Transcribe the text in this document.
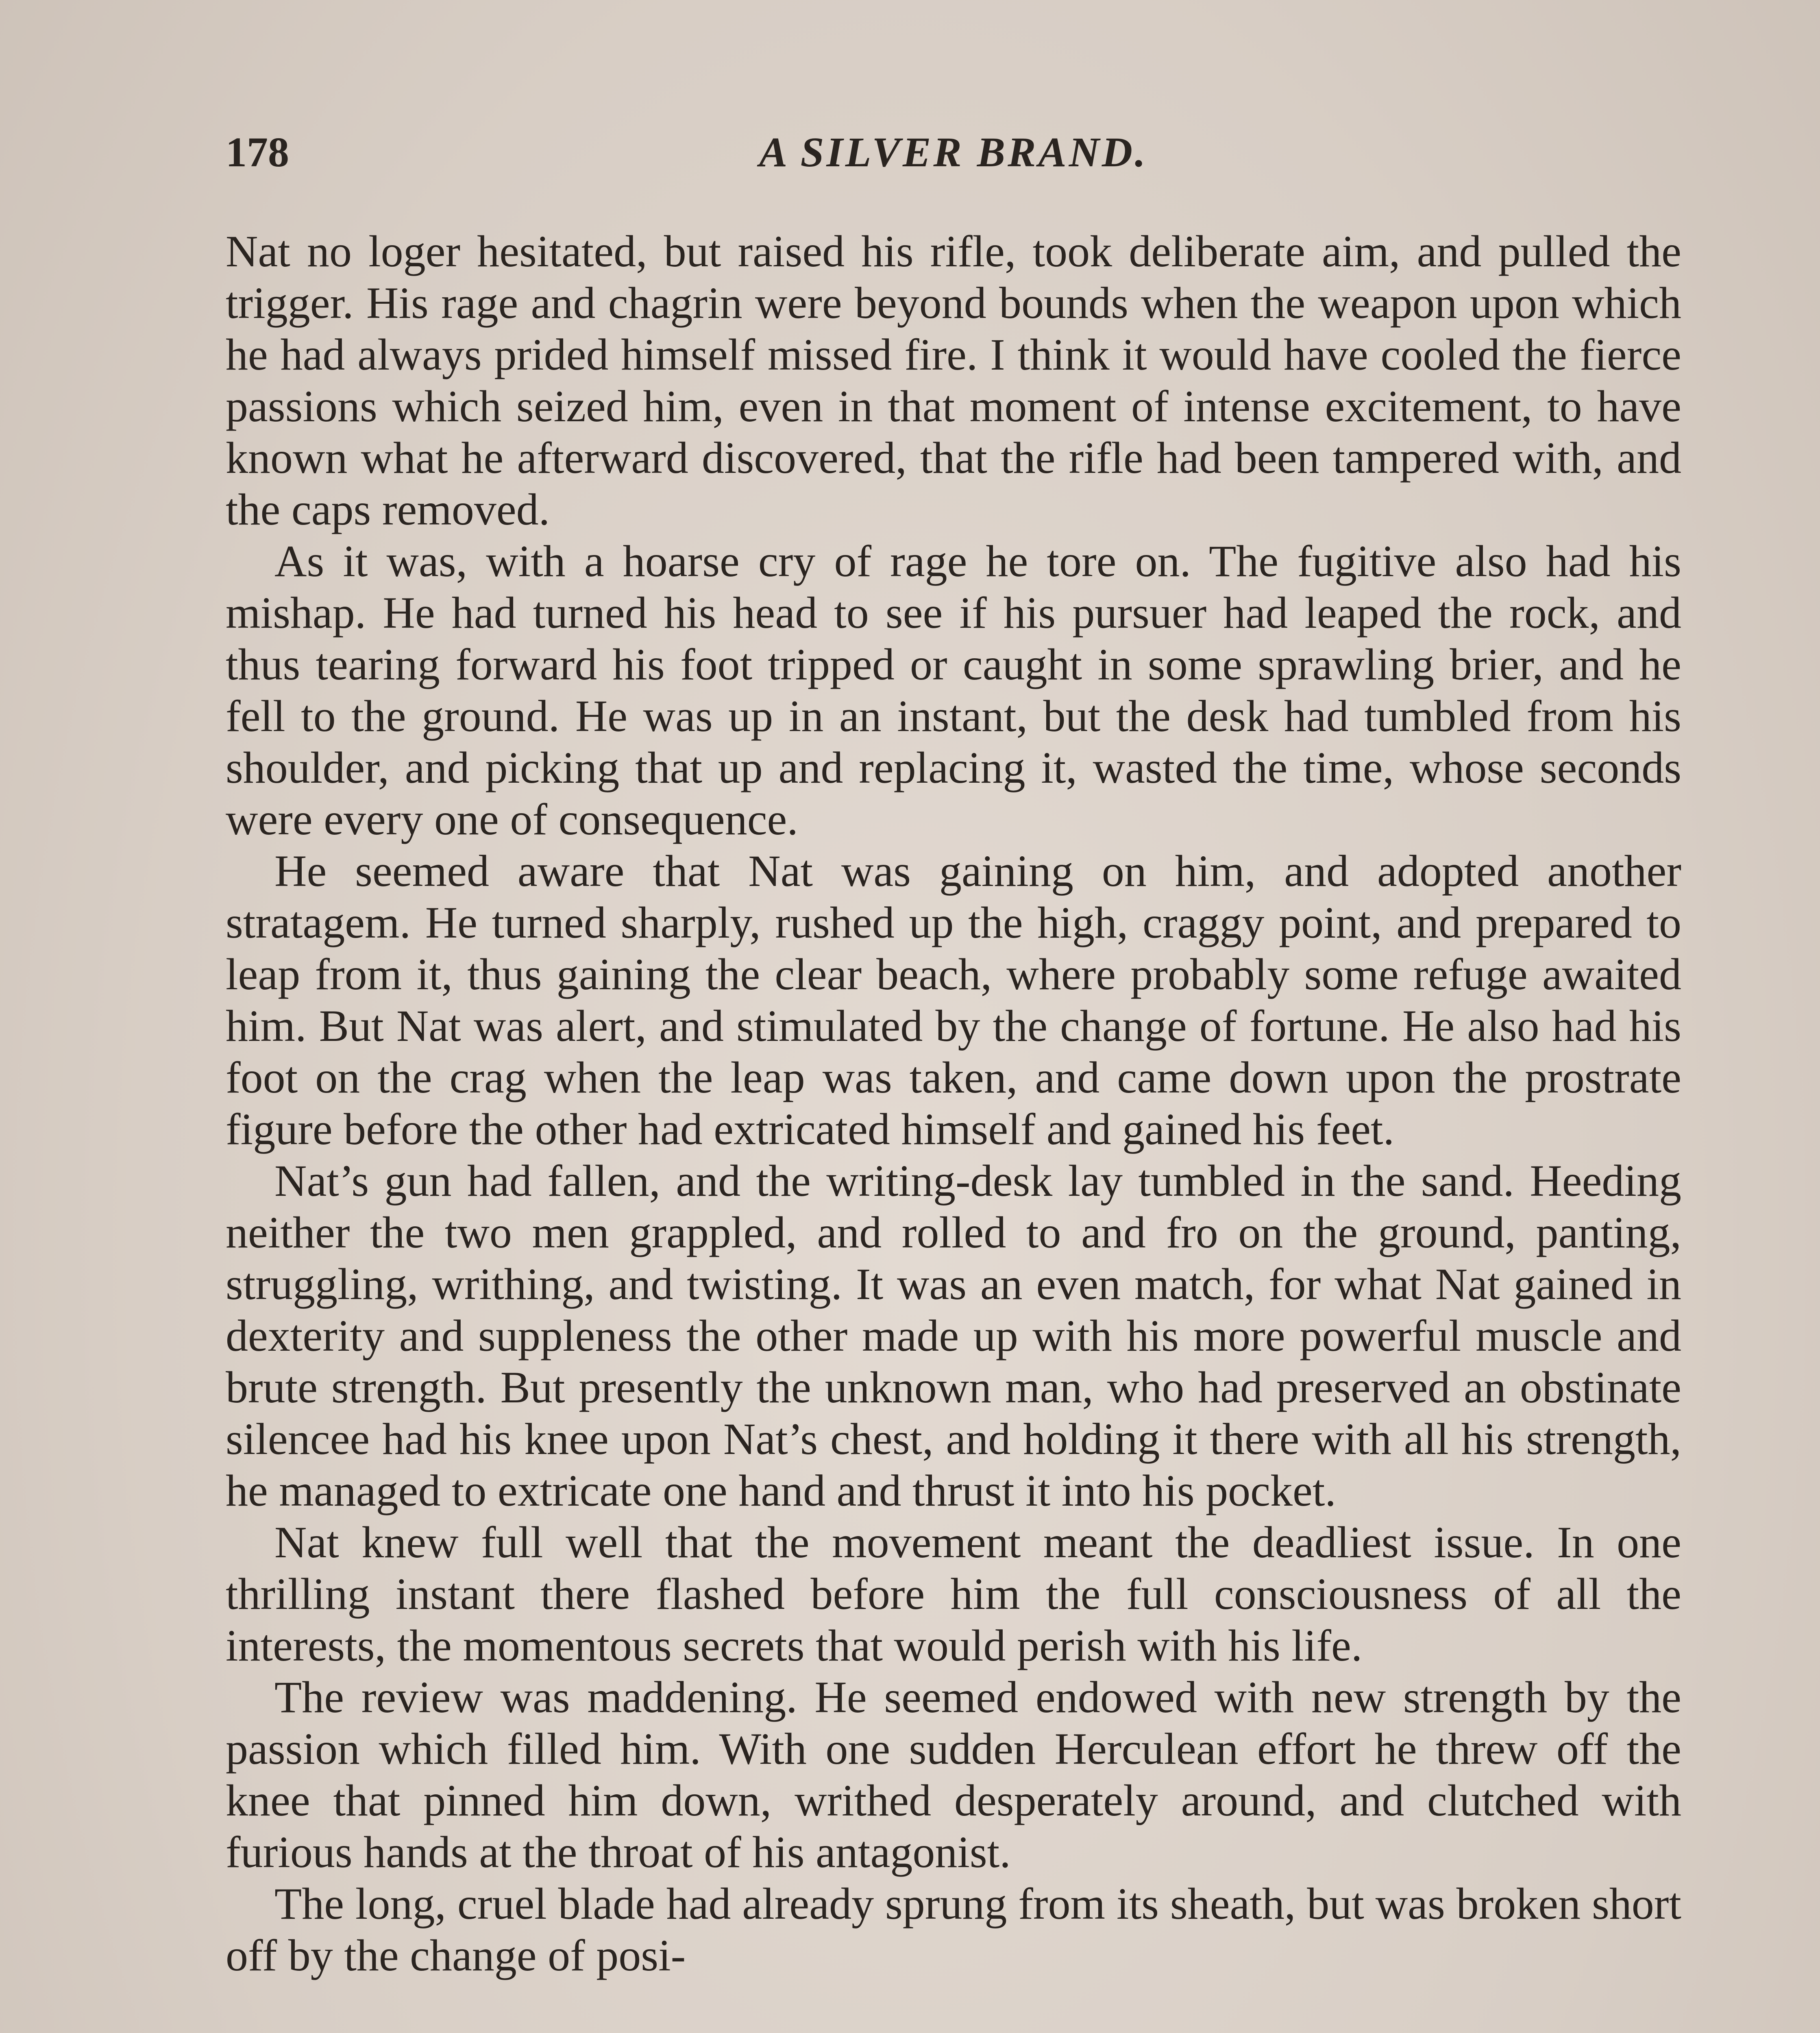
178	A SILVER BRAND.

Nat no loger hesitated, but raised his rifle, took deliberate aim, and pulled the trigger. His rage and chagrin were beyond bounds when the weapon upon which he had always prided himself missed fire. I think it would have cooled the fierce passions which seized him, even in that moment of intense excitement, to have known what he afterward discovered, that the rifle had been tampered with, and the caps removed.

As it was, with a hoarse cry of rage he tore on. The fugitive also had his mishap. He had turned his head to see if his pursuer had leaped the rock, and thus tearing forward his foot tripped or caught in some sprawling brier, and he fell to the ground. He was up in an instant, but the desk had tumbled from his shoulder, and picking that up and replacing it, wasted the time, whose seconds were every one of consequence.

He seemed aware that Nat was gaining on him, and adopted another stratagem. He turned sharply, rushed up the high, craggy point, and prepared to leap from it, thus gaining the clear beach, where probably some refuge awaited him. But Nat was alert, and stimulated by the change of fortune. He also had his foot on the crag when the leap was taken, and came down upon the prostrate figure before the other had extricated himself and gained his feet.

Nat’s gun had fallen, and the writing-desk lay tumbled in the sand. Heeding neither the two men grappled, and rolled to and fro on the ground, panting, struggling, writhing, and twisting. It was an even match, for what Nat gained in dexterity and suppleness the other made up with his more powerful muscle and brute strength. But presently the unknown man, who had preserved an obstinate silencee had his knee upon Nat’s chest, and holding it there with all his strength, he managed to extricate one hand and thrust it into his pocket.

Nat knew full well that the movement meant the deadliest issue. In one thrilling instant there flashed before him the full consciousness of all the interests, the momentous secrets that would perish with his life.

The review was maddening. He seemed endowed with new strength by the passion which filled him. With one sudden Herculean effort he threw off the knee that pinned him down, writhed desperately around, and clutched with furious hands at the throat of his antagonist.

The long, cruel blade had already sprung from its sheath, but was broken short off by the change of posi-
